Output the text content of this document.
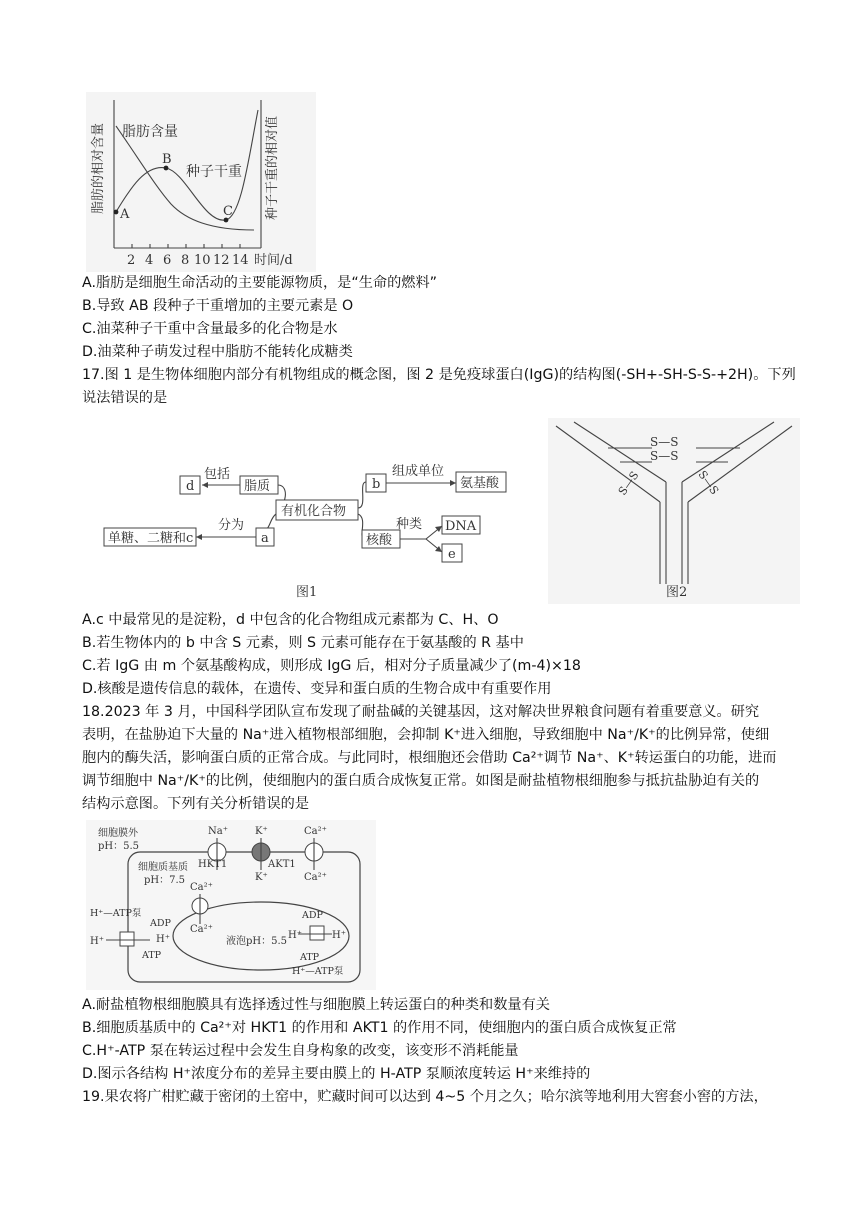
2 4 6 8 10 12 14 时间/d
脂肪的相对含量	种子干重的相对值
A
B
C
脂肪含量
种子干重
A.脂肪是细胞生命活动的主要能源物质，是“生命的燃料”
B.导致 AB 段种子干重增加的主要元素是 O
C.油菜种子干重中含量最多的化合物是水
D.油菜种子萌发过程中脂肪不能转化成糖类
17.图 1 是生物体细胞内部分有机物组成的概念图，图 2 是免疫球蛋白(IgG)的结构图(-SH+-SH-S-S-+2H)。下列
说法错误的是
d
包括
脂质
有机化合物
a
分为
单糖、二糖和c
b
组成单位
氨基酸
核酸
种类 DNA
e
图1
S—S
S—S
S—S	S—S
图2
A.c 中最常见的是淀粉，d 中包含的化合物组成元素都为 C、H、O
B.若生物体内的 b 中含 S 元素，则 S 元素可能存在于氨基酸的 R 基中
C.若 IgG 由 m 个氨基酸构成，则形成 IgG 后，相对分子质量减少了(m-4)×18
D.核酸是遗传信息的载体，在遗传、变异和蛋白质的生物合成中有重要作用
18.2023 年 3 月，中国科学团队宣布发现了耐盐碱的关键基因，这对解决世界粮食问题有着重要意义。研究
表明，在盐胁迫下大量的 Na⁺进入植物根部细胞，会抑制 K⁺进入细胞，导致细胞中 Na⁺/K⁺的比例异常，使细
胞内的酶失活，影响蛋白质的正常合成。与此同时，根细胞还会借助 Ca²⁺调节 Na⁺、K⁺转运蛋白的功能，进而
调节细胞中 Na⁺/K⁺的比例，使细胞内的蛋白质合成恢复正常。如图是耐盐植物根细胞参与抵抗盐胁迫有关的
结构示意图。下列有关分析错误的是
细胞膜外
pH：5.5
细胞质基质
pH：7.5
Na⁺
HKT1
K⁺
AKT1
K⁺
Ca²⁺
Ca²⁺
Ca²⁺
Ca²⁺
液泡pH：5.5
H⁺—ATP泵
ADP
H⁺	H⁺
ATP
ADP
H⁺	H⁺
ATP
H⁺—ATP泵
A.耐盐植物根细胞膜具有选择透过性与细胞膜上转运蛋白的种类和数量有关
B.细胞质基质中的 Ca²⁺对 HKT1 的作用和 AKT1 的作用不同，使细胞内的蛋白质合成恢复正常
C.H⁺-ATP 泵在转运过程中会发生自身构象的改变，该变形不消耗能量
D.图示各结构 H⁺浓度分布的差异主要由膜上的 H-ATP 泵顺浓度转运 H⁺来维持的
19.果农将广柑贮藏于密闭的土窑中，贮藏时间可以达到 4~5 个月之久；哈尔滨等地利用大窖套小窖的方法，
